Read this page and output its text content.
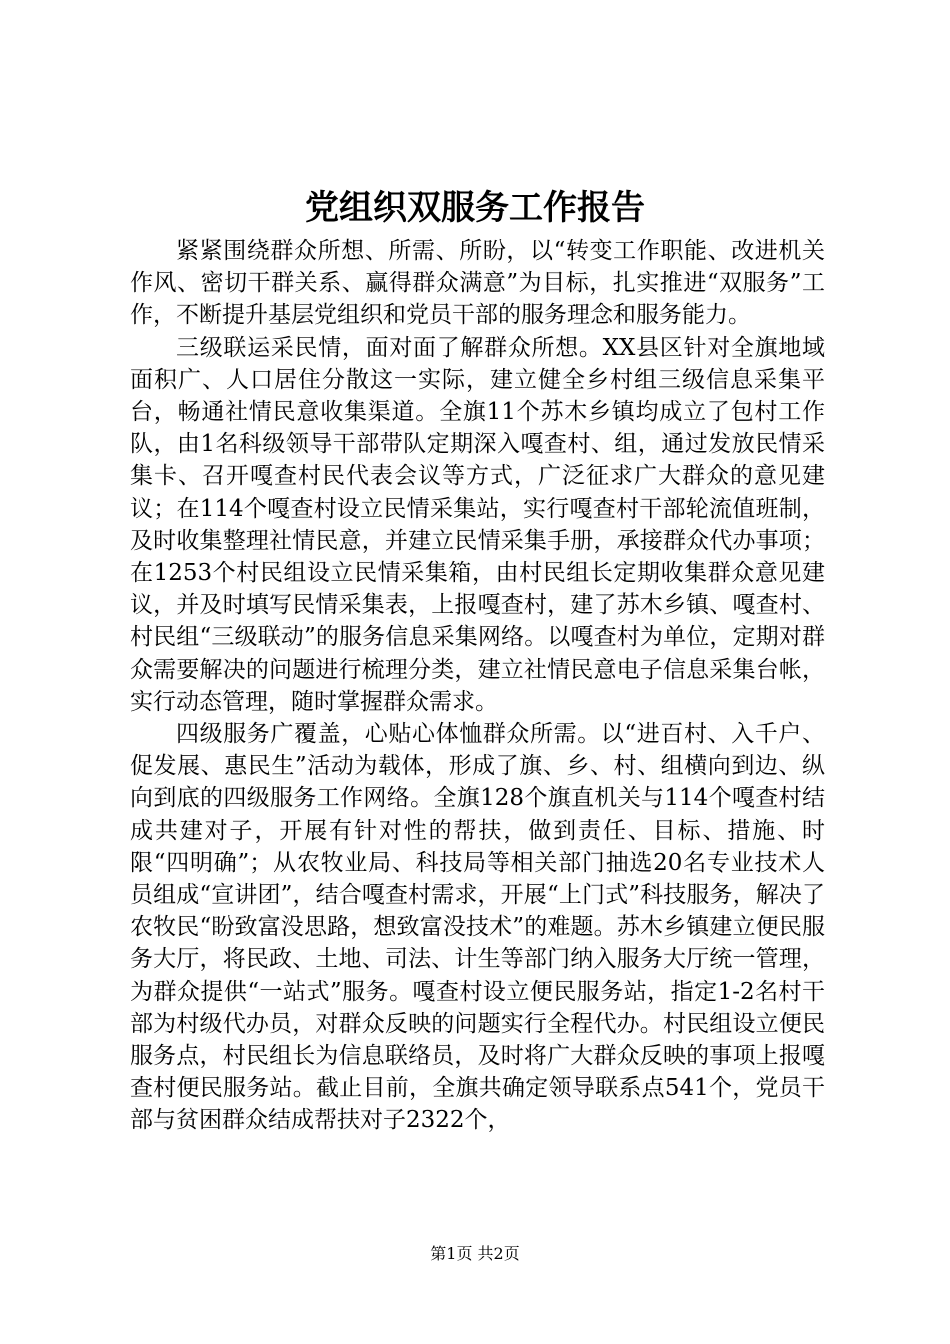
党组织双服务工作报告

紧紧围绕群众所想、所需、所盼，以“转变工作职能、改进机关作风、密切干群关系、赢得群众满意”为目标，扎实推进“双服务”工作，不断提升基层党组织和党员干部的服务理念和服务能力。

三级联运采民情，面对面了解群众所想。XX县区针对全旗地域面积广、人口居住分散这一实际，建立健全乡村组三级信息采集平台，畅通社情民意收集渠道。全旗11个苏木乡镇均成立了包村工作队，由1名科级领导干部带队定期深入嘎查村、组，通过发放民情采集卡、召开嘎查村民代表会议等方式，广泛征求广大群众的意见建议；在114个嘎查村设立民情采集站，实行嘎查村干部轮流值班制，及时收集整理社情民意，并建立民情采集手册，承接群众代办事项；在1253个村民组设立民情采集箱，由村民组长定期收集群众意见建议，并及时填写民情采集表，上报嘎查村，建了苏木乡镇、嘎查村、村民组“三级联动”的服务信息采集网络。以嘎查村为单位，定期对群众需要解决的问题进行梳理分类，建立社情民意电子信息采集台帐，实行动态管理，随时掌握群众需求。

四级服务广覆盖，心贴心体恤群众所需。以“进百村、入千户、促发展、惠民生”活动为载体，形成了旗、乡、村、组横向到边、纵向到底的四级服务工作网络。全旗128个旗直机关与114个嘎查村结成共建对子，开展有针对性的帮扶，做到责任、目标、措施、时限“四明确”；从农牧业局、科技局等相关部门抽选20名专业技术人员组成“宣讲团”，结合嘎查村需求，开展“上门式”科技服务，解决了农牧民“盼致富没思路，想致富没技术”的难题。苏木乡镇建立便民服务大厅，将民政、土地、司法、计生等部门纳入服务大厅统一管理，为群众提供“一站式”服务。嘎查村设立便民服务站，指定1-2名村干部为村级代办员，对群众反映的问题实行全程代办。村民组设立便民服务点，村民组长为信息联络员，及时将广大群众反映的事项上报嘎查村便民服务站。截止目前，全旗共确定领导联系点541个，党员干部与贫困群众结成帮扶对子2322个，

第1页 共2页
